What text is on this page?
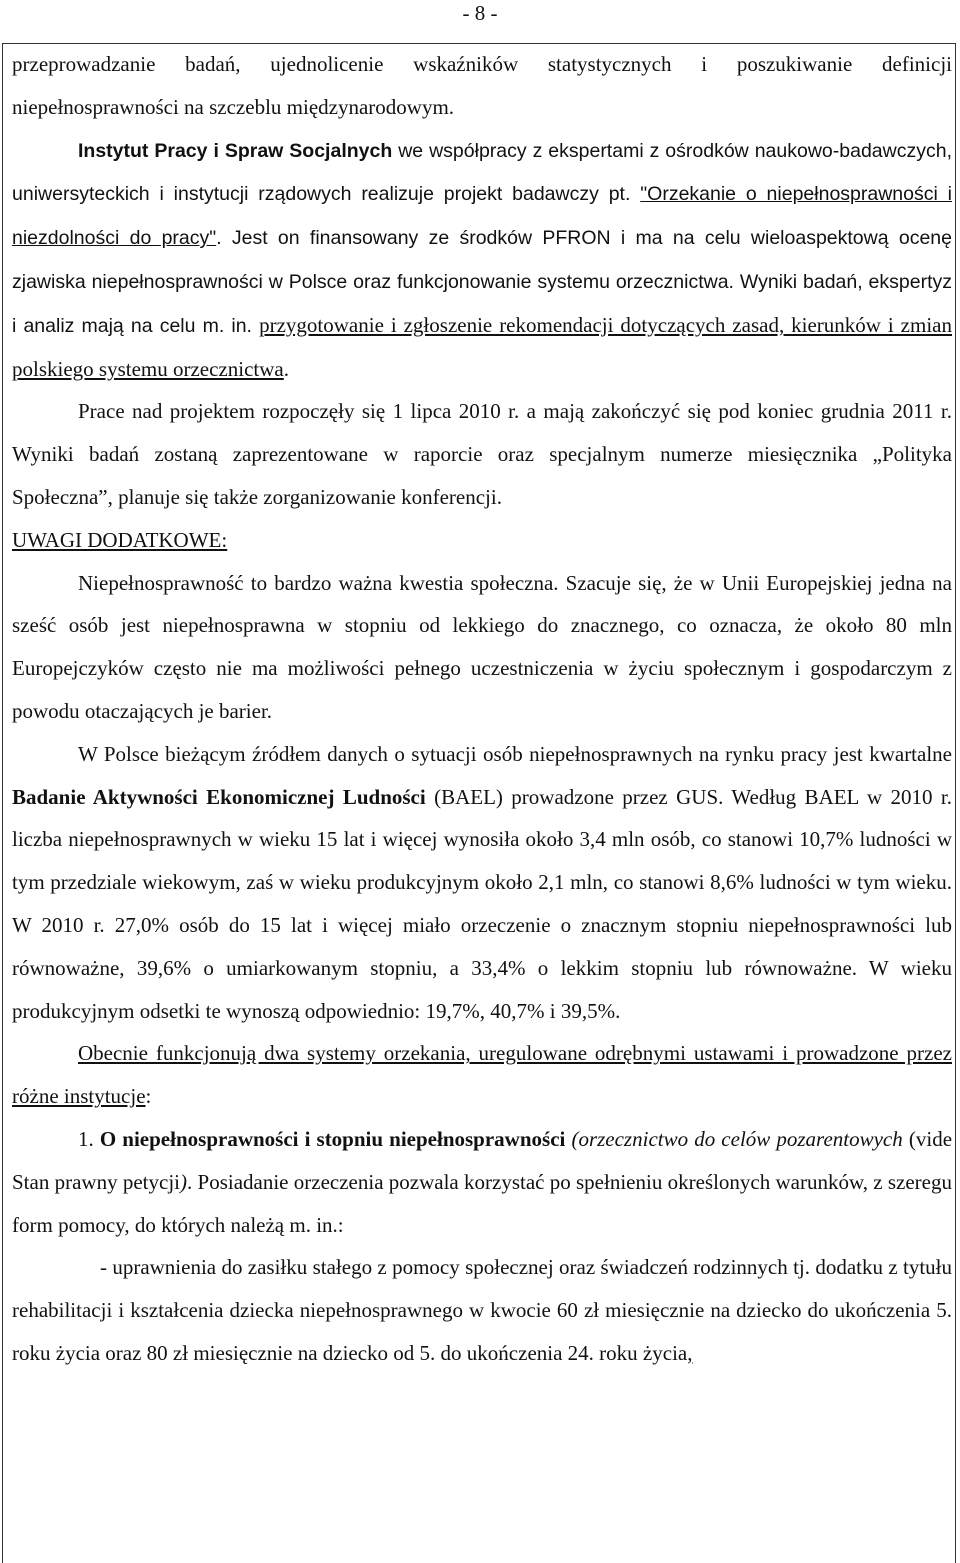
- 8 -

przeprowadzanie badań, ujednolicenie wskaźników statystycznych i poszukiwanie definicji niepełnosprawności na szczeblu międzynarodowym.

Instytut Pracy i Spraw Socjalnych we współpracy z ekspertami z ośrodków naukowo-badawczych, uniwersyteckich i instytucji rządowych realizuje projekt badawczy pt. "Orzekanie o niepełnosprawności i niezdolności do pracy". Jest on finansowany ze środków PFRON i ma na celu wieloaspektową ocenę zjawiska niepełnosprawności w Polsce oraz funkcjonowanie systemu orzecznictwa. Wyniki badań, ekspertyz i analiz mają na celu m. in. przygotowanie i zgłoszenie rekomendacji dotyczących zasad, kierunków i zmian polskiego systemu orzecznictwa.

Prace nad projektem rozpoczęły się 1 lipca 2010 r. a mają zakończyć się pod koniec grudnia 2011 r. Wyniki badań zostaną zaprezentowane w raporcie oraz specjalnym numerze miesięcznika „Polityka Społeczna”, planuje się także zorganizowanie konferencji.

UWAGI DODATKOWE:

Niepełnosprawność to bardzo ważna kwestia społeczna. Szacuje się, że w Unii Europejskiej jedna na sześć osób jest niepełnosprawna w stopniu od lekkiego do znacznego, co oznacza, że około 80 mln Europejczyków często nie ma możliwości pełnego uczestniczenia w życiu społecznym i gospodarczym z powodu otaczających je barier.

W Polsce bieżącym źródłem danych o sytuacji osób niepełnosprawnych na rynku pracy jest kwartalne Badanie Aktywności Ekonomicznej Ludności (BAEL) prowadzone przez GUS. Według BAEL w 2010 r. liczba niepełnosprawnych w wieku 15 lat i więcej wynosiła około 3,4 mln osób, co stanowi 10,7% ludności w tym przedziale wiekowym, zaś w wieku produkcyjnym około 2,1 mln, co stanowi 8,6% ludności w tym wieku. W 2010 r. 27,0% osób do 15 lat i więcej miało orzeczenie o znacznym stopniu niepełnosprawności lub równoważne, 39,6% o umiarkowanym stopniu, a 33,4% o lekkim stopniu lub równoważne. W wieku produkcyjnym odsetki te wynoszą odpowiednio: 19,7%, 40,7% i 39,5%.

Obecnie funkcjonują dwa systemy orzekania, uregulowane odrębnymi ustawami i prowadzone przez różne instytucje:

1. O niepełnosprawności i stopniu niepełnosprawności (orzecznictwo do celów pozarentowych (vide Stan prawny petycji). Posiadanie orzeczenia pozwala korzystać po spełnieniu określonych warunków, z szeregu form pomocy, do których należą m. in.:

- uprawnienia do zasiłku stałego z pomocy społecznej oraz świadczeń rodzinnych tj. dodatku z tytułu rehabilitacji i kształcenia dziecka niepełnosprawnego w kwocie 60 zł miesięcznie na dziecko do ukończenia 5. roku życia oraz 80 zł miesięcznie na dziecko od 5. do ukończenia 24. roku życia,
